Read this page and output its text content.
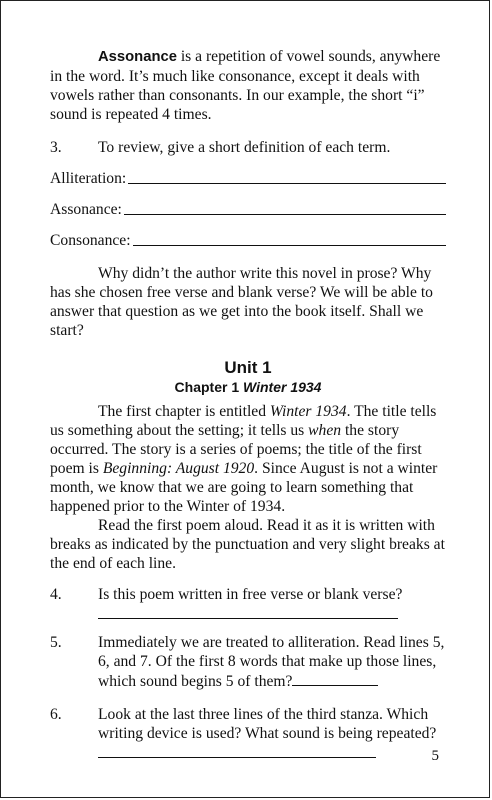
Assonance is a repetition of vowel sounds, anywhere in the word. It’s much like consonance, except it deals with vowels rather than consonants. In our example, the short “i” sound is repeated 4 times.

3.	To review, give a short definition of each term.
Alliteration:
Assonance:
Consonance:

Why didn’t the author write this novel in prose? Why has she chosen free verse and blank verse? We will be able to answer that question as we get into the book itself. Shall we start?

Unit 1
Chapter 1 Winter 1934

The first chapter is entitled Winter 1934. The title tells us something about the setting; it tells us when the story occurred. The story is a series of poems; the title of the first poem is Beginning: August 1920. Since August is not a winter month, we know that we are going to learn something that happened prior to the Winter of 1934.

Read the first poem aloud. Read it as it is written with breaks as indicated by the punctuation and very slight breaks at the end of each line.

4.	Is this poem written in free verse or blank verse?
5.	Immediately we are treated to alliteration. Read lines 5, 6, and 7. Of the first 8 words that make up those lines, which sound begins 5 of them?
6.	Look at the last three lines of the third stanza. Which writing device is used? What sound is being repeated?
5
